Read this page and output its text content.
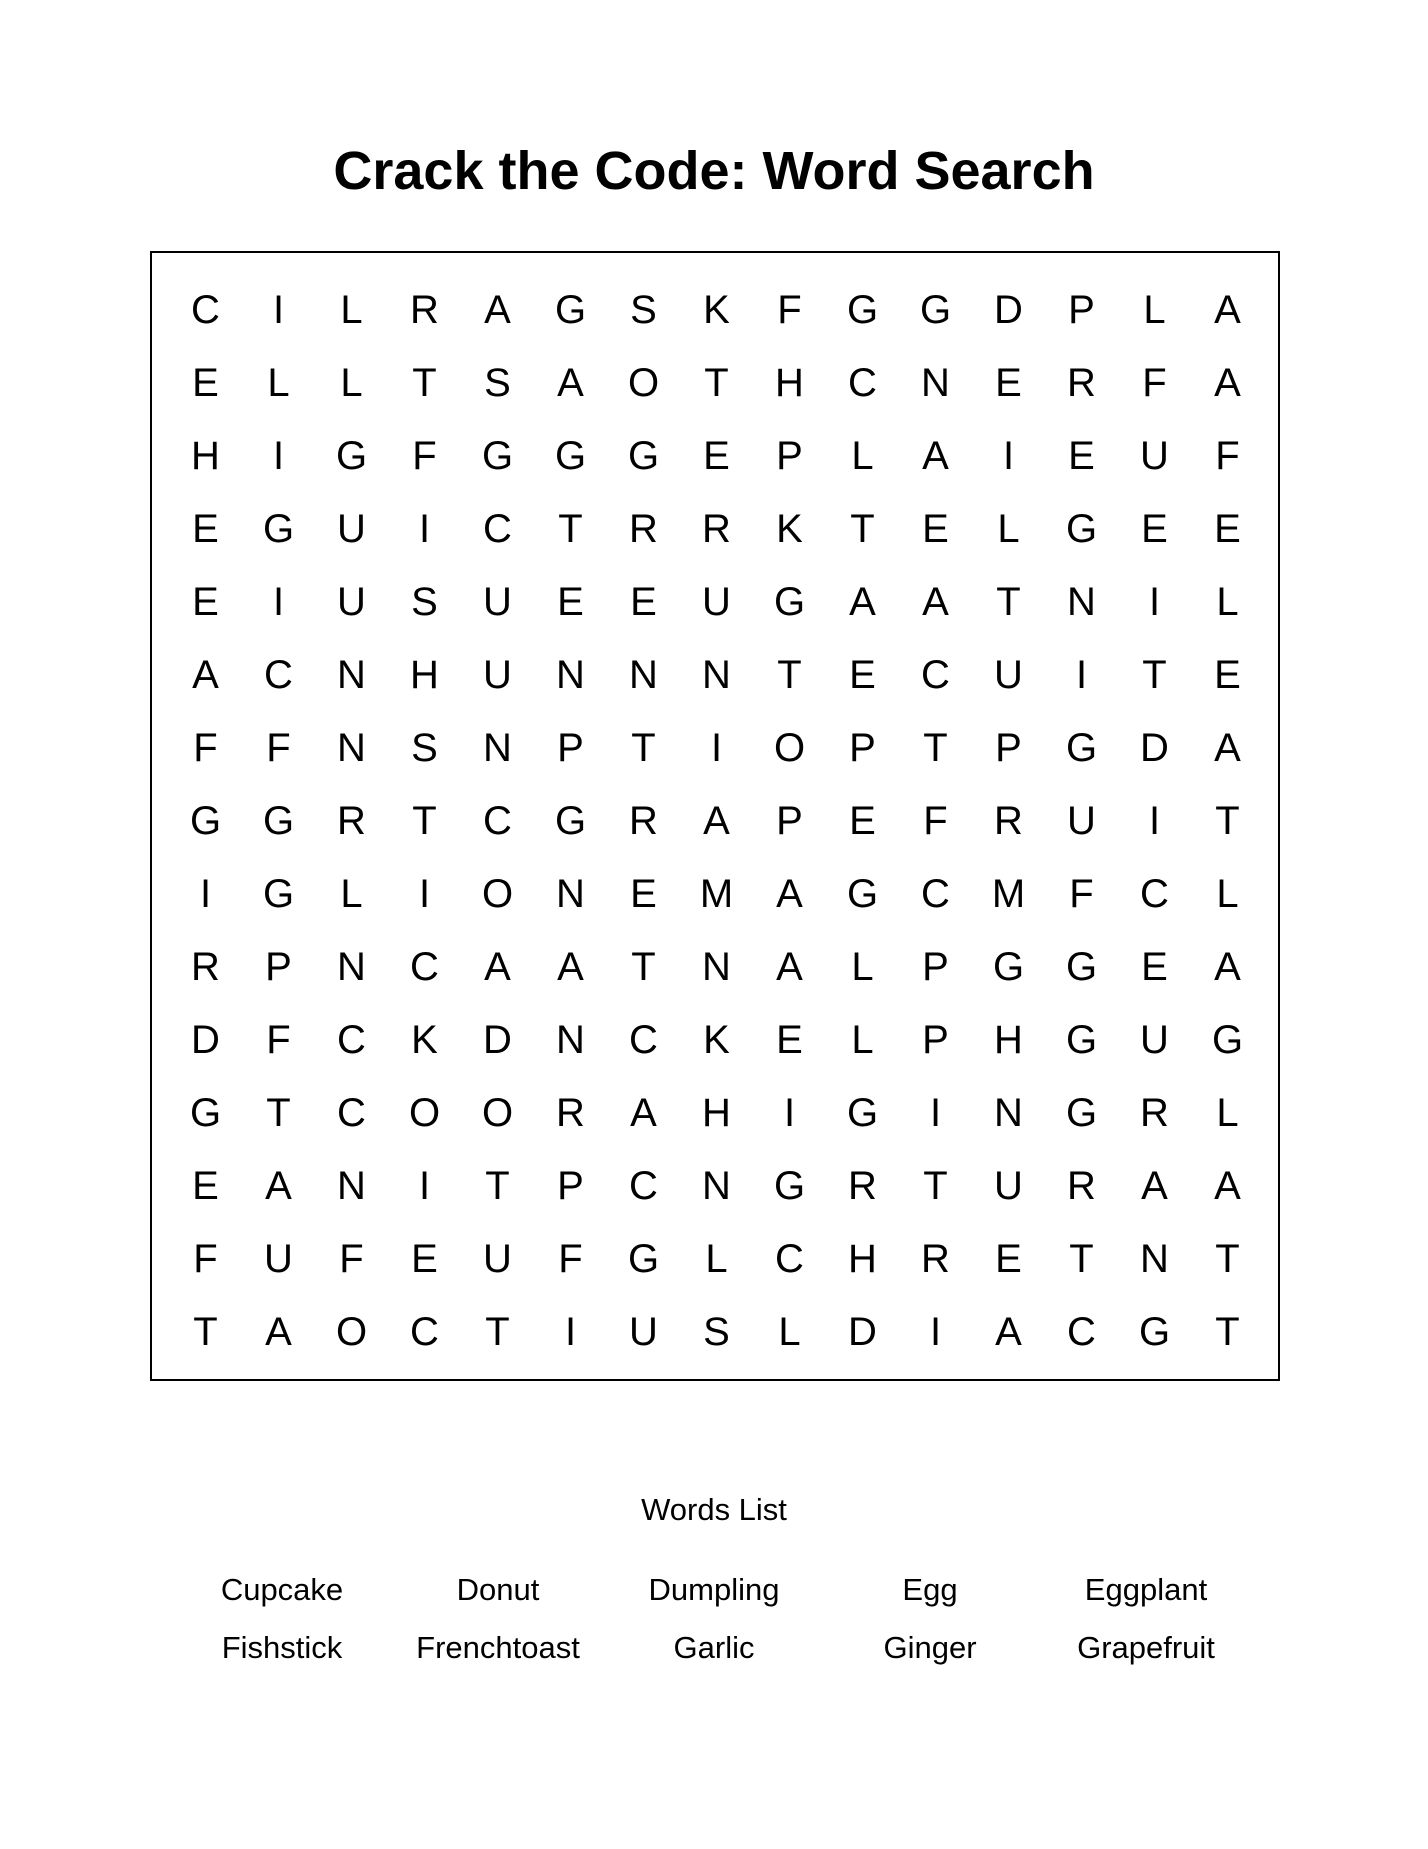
Crack the Code: Word Search
C	I	L	R	A	G	S	K	F	G	G	D	P	L	A
E	L	L	T	S	A	O	T	H	C	N	E	R	F	A
H	I	G	F	G	G	G	E	P	L	A	I	E	U	F
E	G	U	I	C	T	R	R	K	T	E	L	G	E	E
E	I	U	S	U	E	E	U	G	A	A	T	N	I	L
A	C	N	H	U	N	N	N	T	E	C	U	I	T	E
F	F	N	S	N	P	T	I	O	P	T	P	G	D	A
G	G	R	T	C	G	R	A	P	E	F	R	U	I	T
I	G	L	I	O	N	E	M	A	G	C	M	F	C	L
R	P	N	C	A	A	T	N	A	L	P	G	G	E	A
D	F	C	K	D	N	C	K	E	L	P	H	G	U	G
G	T	C	O	O	R	A	H	I	G	I	N	G	R	L
E	A	N	I	T	P	C	N	G	R	T	U	R	A	A
F	U	F	E	U	F	G	L	C	H	R	E	T	N	T
T	A	O	C	T	I	U	S	L	D	I	A	C	G	T
Words List
Cupcake	Donut	Dumpling	Egg	Eggplant
Fishstick	Frenchtoast	Garlic	Ginger	Grapefruit
